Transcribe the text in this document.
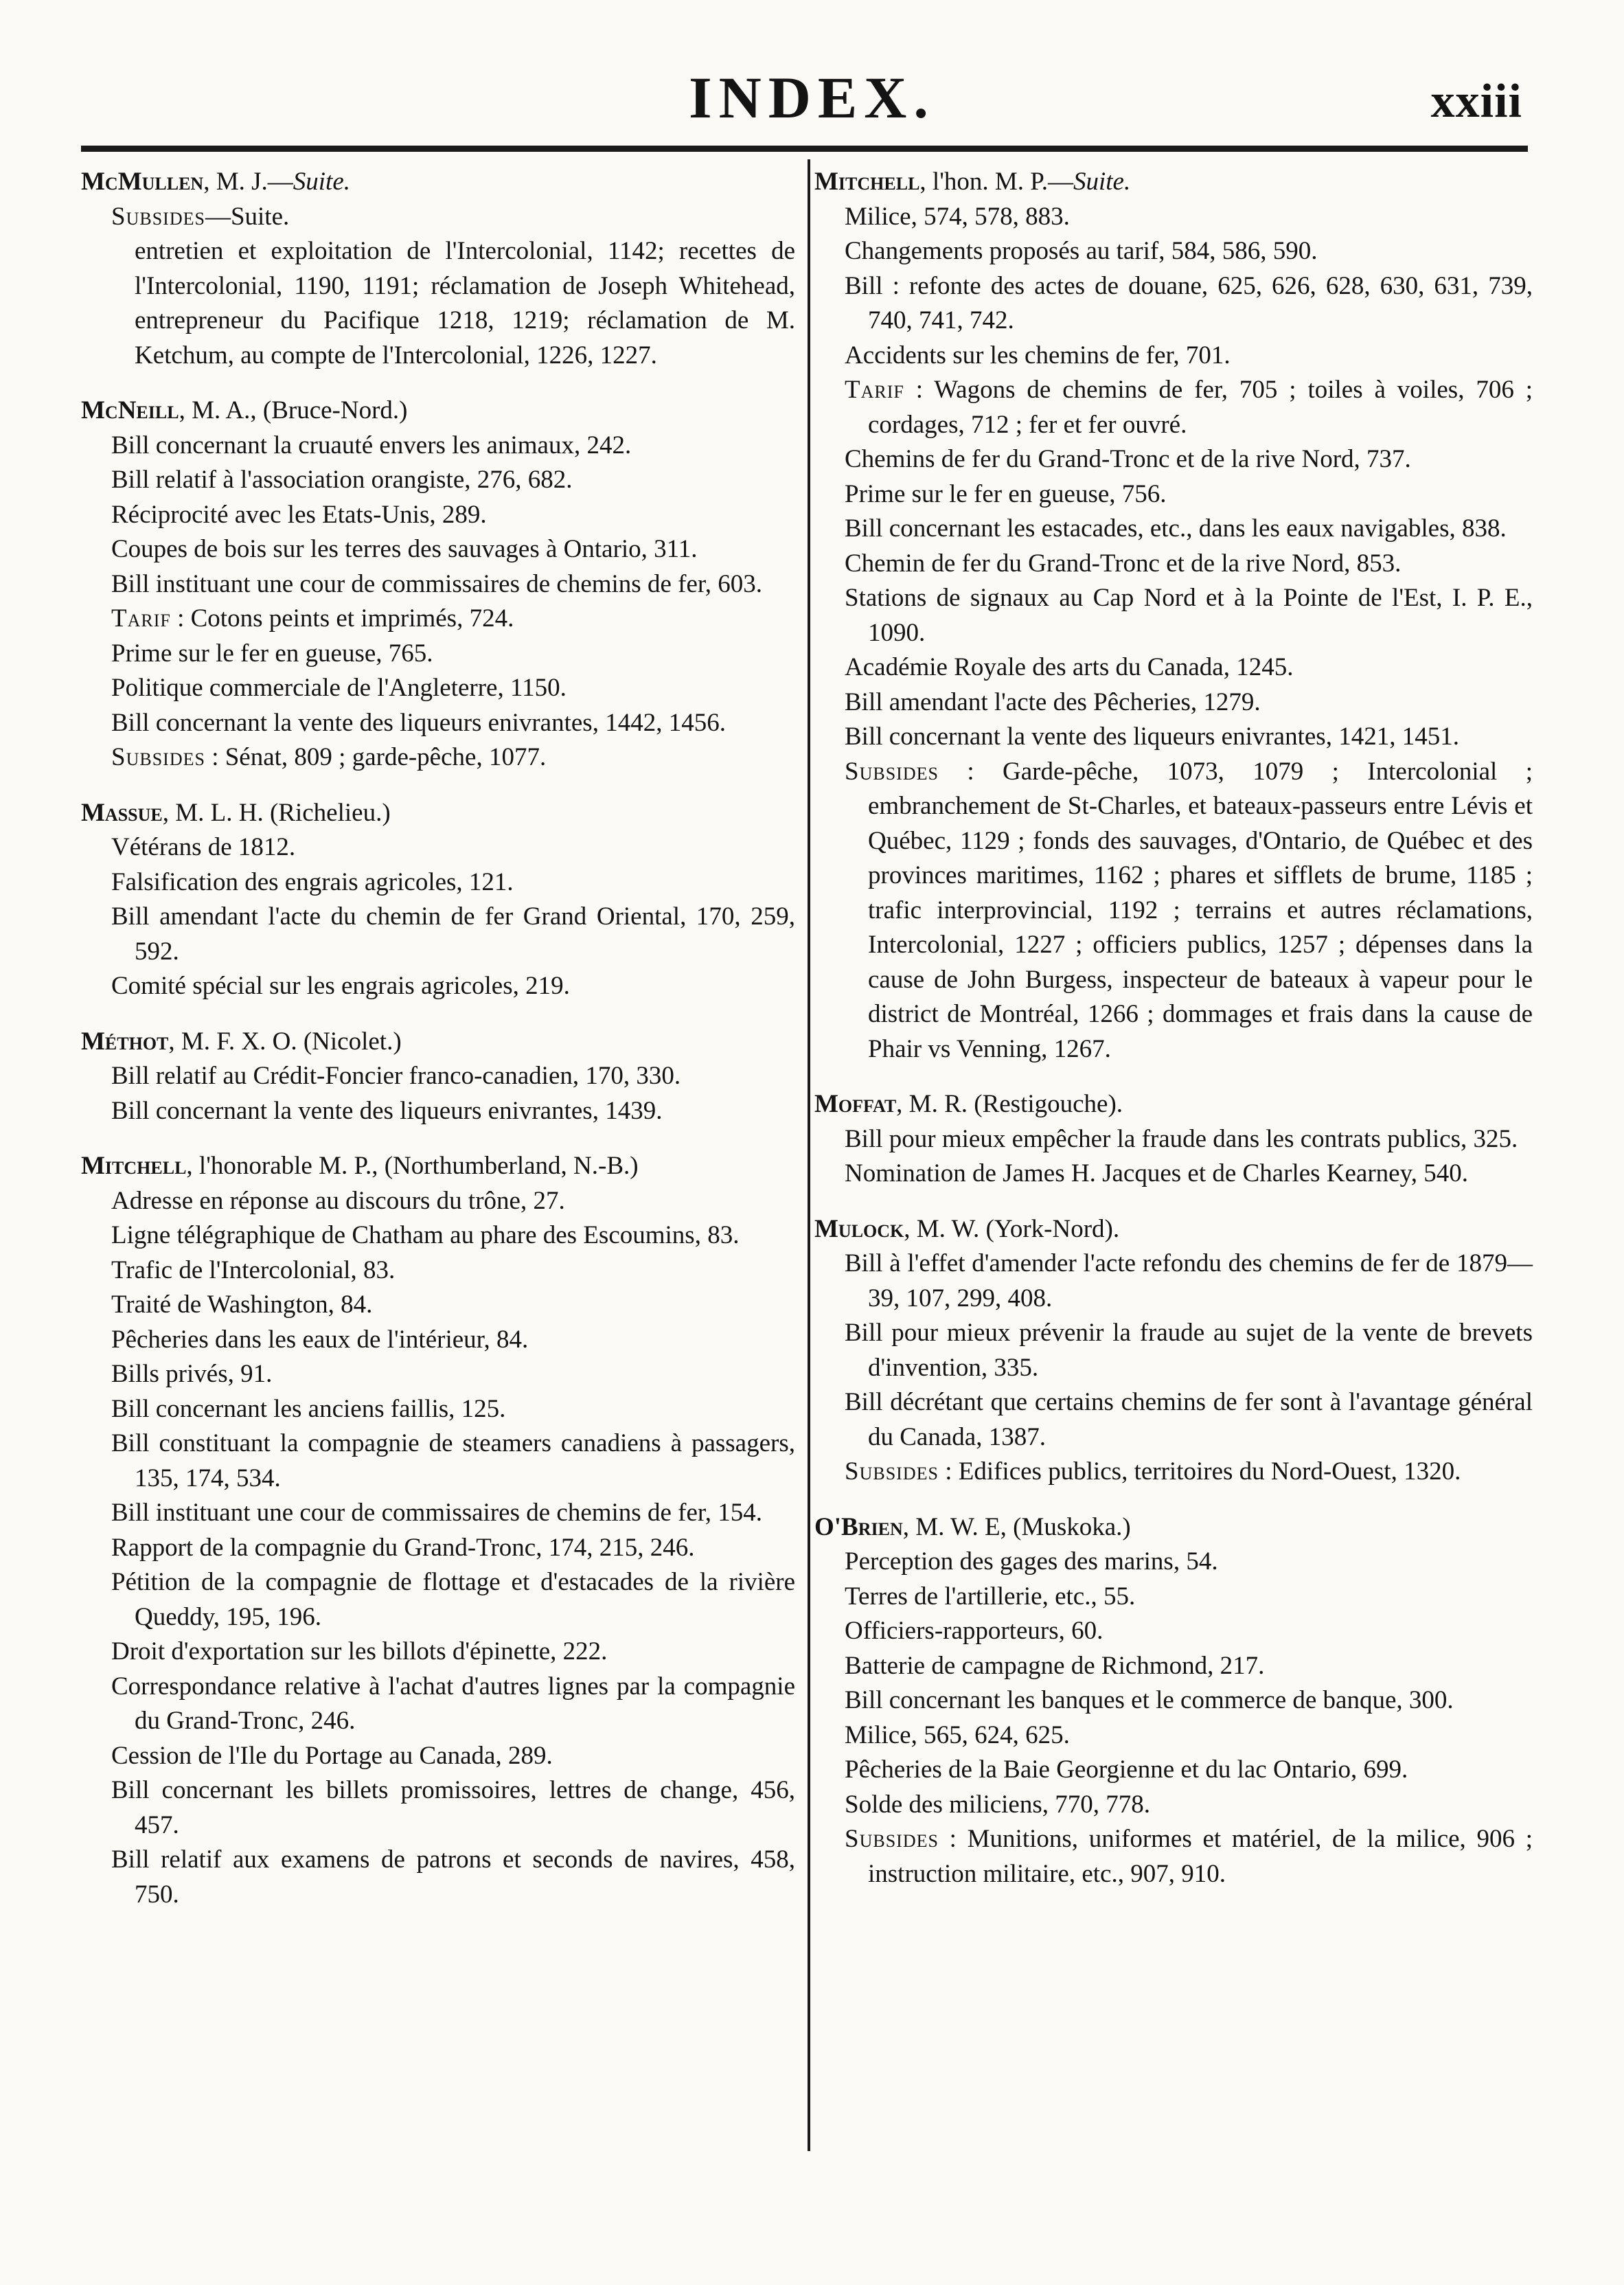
INDEX.	xxiii

McMullen, M. J.—Suite.

Subsides—Suite.

entretien et exploitation de l'Intercolonial, 1142; recettes de l'Intercolonial, 1190, 1191; réclamation de Joseph Whitehead, entrepreneur du Pacifique 1218, 1219; réclamation de M. Ketchum, au compte de l'Intercolonial, 1226, 1227.

McNeill, M. A., (Bruce-Nord.)

Bill concernant la cruauté envers les animaux, 242.

Bill relatif à l'association orangiste, 276, 682.

Réciprocité avec les Etats-Unis, 289.

Coupes de bois sur les terres des sauvages à Ontario, 311.

Bill instituant une cour de commissaires de chemins de fer, 603.

Tarif : Cotons peints et imprimés, 724.

Prime sur le fer en gueuse, 765.

Politique commerciale de l'Angleterre, 1150.

Bill concernant la vente des liqueurs enivrantes, 1442, 1456.

Subsides : Sénat, 809 ; garde-pêche, 1077.

Massue, M. L. H. (Richelieu.)

Vétérans de 1812.

Falsification des engrais agricoles, 121.

Bill amendant l'acte du chemin de fer Grand Oriental, 170, 259, 592.

Comité spécial sur les engrais agricoles, 219.

Méthot, M. F. X. O. (Nicolet.)

Bill relatif au Crédit-Foncier franco-canadien, 170, 330.

Bill concernant la vente des liqueurs enivrantes, 1439.

Mitchell, l'honorable M. P., (Northumberland, N.-B.)

Adresse en réponse au discours du trône, 27.

Ligne télégraphique de Chatham au phare des Escoumins, 83.

Trafic de l'Intercolonial, 83.

Traité de Washington, 84.

Pêcheries dans les eaux de l'intérieur, 84.

Bills privés, 91.

Bill concernant les anciens faillis, 125.

Bill constituant la compagnie de steamers canadiens à passagers, 135, 174, 534.

Bill instituant une cour de commissaires de chemins de fer, 154.

Rapport de la compagnie du Grand-Tronc, 174, 215, 246.

Pétition de la compagnie de flottage et d'estacades de la rivière Queddy, 195, 196.

Droit d'exportation sur les billots d'épinette, 222.

Correspondance relative à l'achat d'autres lignes par la compagnie du Grand-Tronc, 246.

Cession de l'Ile du Portage au Canada, 289.

Bill concernant les billets promissoires, lettres de change, 456, 457.

Bill relatif aux examens de patrons et seconds de navires, 458, 750.

Mitchell, l'hon. M. P.—Suite.

Milice, 574, 578, 883.

Changements proposés au tarif, 584, 586, 590.

Bill : refonte des actes de douane, 625, 626, 628, 630, 631, 739, 740, 741, 742.

Accidents sur les chemins de fer, 701.

Tarif : Wagons de chemins de fer, 705 ; toiles à voiles, 706 ; cordages, 712 ; fer et fer ouvré.

Chemins de fer du Grand-Tronc et de la rive Nord, 737.

Prime sur le fer en gueuse, 756.

Bill concernant les estacades, etc., dans les eaux navigables, 838.

Chemin de fer du Grand-Tronc et de la rive Nord, 853.

Stations de signaux au Cap Nord et à la Pointe de l'Est, I. P. E., 1090.

Académie Royale des arts du Canada, 1245.

Bill amendant l'acte des Pêcheries, 1279.

Bill concernant la vente des liqueurs enivrantes, 1421, 1451.

Subsides : Garde-pêche, 1073, 1079 ; Intercolonial ; embranchement de St-Charles, et bateaux-passeurs entre Lévis et Québec, 1129 ; fonds des sauvages, d'Ontario, de Québec et des provinces maritimes, 1162 ; phares et sifflets de brume, 1185 ; trafic interprovincial, 1192 ; terrains et autres réclamations, Intercolonial, 1227 ; officiers publics, 1257 ; dépenses dans la cause de John Burgess, inspecteur de bateaux à vapeur pour le district de Montréal, 1266 ; dommages et frais dans la cause de Phair vs Venning, 1267.

Moffat, M. R. (Restigouche).

Bill pour mieux empêcher la fraude dans les contrats publics, 325.

Nomination de James H. Jacques et de Charles Kearney, 540.

Mulock, M. W. (York-Nord).

Bill à l'effet d'amender l'acte refondu des chemins de fer de 1879—39, 107, 299, 408.

Bill pour mieux prévenir la fraude au sujet de la vente de brevets d'invention, 335.

Bill décrétant que certains chemins de fer sont à l'avantage général du Canada, 1387.

Subsides : Edifices publics, territoires du Nord-Ouest, 1320.

O'Brien, M. W. E, (Muskoka.)

Perception des gages des marins, 54.

Terres de l'artillerie, etc., 55.

Officiers-rapporteurs, 60.

Batterie de campagne de Richmond, 217.

Bill concernant les banques et le commerce de banque, 300.

Milice, 565, 624, 625.

Pêcheries de la Baie Georgienne et du lac Ontario, 699.

Solde des miliciens, 770, 778.

Subsides : Munitions, uniformes et matériel, de la milice, 906 ; instruction militaire, etc., 907, 910.
